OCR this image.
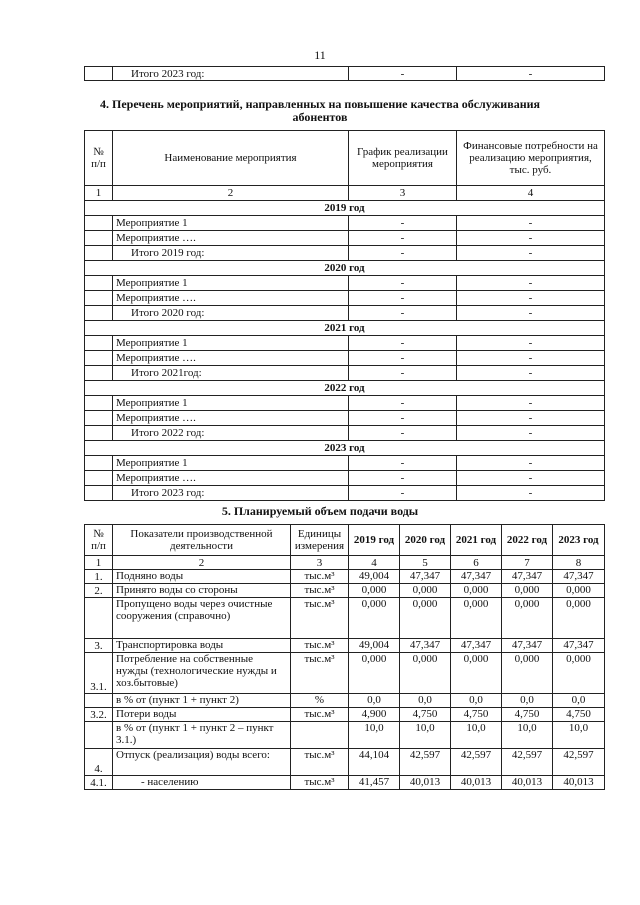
11
	Итого 2023 год:	-	-
4. Перечень мероприятий, направленных на повышение качества обслуживания
абонентов
№ п/п	Наименование мероприятия	График реализации мероприятия	Финансовые потребности на реализацию мероприятия, тыс. руб.
1	2	3	4
2019 год			
	Мероприятие 1	-	-
	Мероприятие ….	-	-
	Итого 2019 год:	-	-
2020 год			
	Мероприятие 1	-	-
	Мероприятие ….	-	-
	Итого 2020 год:	-	-
2021 год			
	Мероприятие 1	-	-
	Мероприятие ….	-	-
	Итого 2021год:	-	-
2022 год			
	Мероприятие 1	-	-
	Мероприятие ….	-	-
	Итого 2022 год:	-	-
2023 год			
	Мероприятие 1	-	-
	Мероприятие ….	-	-
	Итого 2023 год:	-	-
5. Планируемый объем подачи воды
№ п/п	Показатели производственной деятельности	Единицы измерения	2019 год	2020 год	2021 год	2022 год	2023 год
1	2	3	4	5	6	7	8
1.	Подняно воды	тыс.м³	49,004	47,347	47,347	47,347	47,347
2.	Принято воды со стороны	тыс.м³	0,000	0,000	0,000	0,000	0,000
	Пропущено воды через очистные сооружения (справочно)	тыс.м³	0,000	0,000	0,000	0,000	0,000
3.	Транспортировка воды	тыс.м³	49,004	47,347	47,347	47,347	47,347
3.1.	Потребление на собственные нужды (технологические нужды и хоз.бытовые)	тыс.м³	0,000	0,000	0,000	0,000	0,000
	в % от (пункт 1 + пункт 2)	%	0,0	0,0	0,0	0,0	0,0
3.2.	Потери воды	тыс.м³	4,900	4,750	4,750	4,750	4,750
	в % от (пункт 1 + пункт 2 – пункт 3.1.)		10,0	10,0	10,0	10,0	10,0
4.	Отпуск (реализация) воды всего:	тыс.м³	44,104	42,597	42,597	42,597	42,597
4.1.	- населению	тыс.м³	41,457	40,013	40,013	40,013	40,013
